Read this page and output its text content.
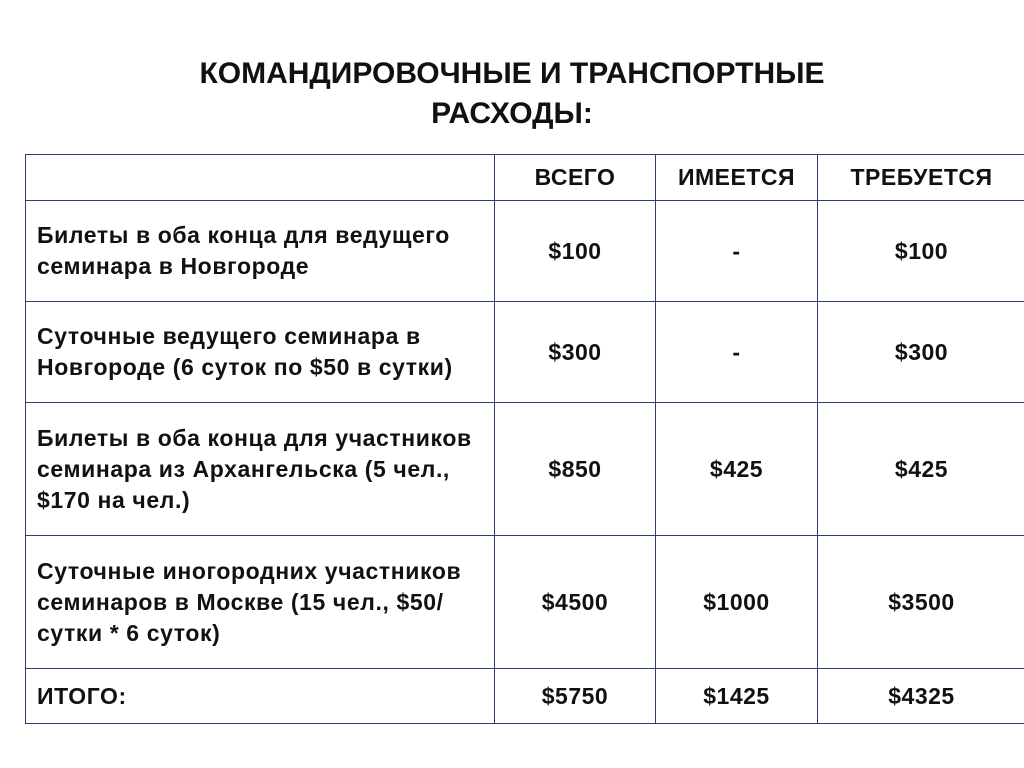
КОМАНДИРОВОЧНЫЕ И ТРАНСПОРТНЫЕ
РАСХОДЫ:
	ВСЕГО	ИМЕЕТСЯ	ТРЕБУЕТСЯ
Билеты в оба конца для ведущего семинара в Новгороде	$100	-	$100
Суточные ведущего семинара в Новгороде (6 суток по $50 в сутки)	$300	-	$300
Билеты в оба конца для участников семинара из Архангельска (5 чел., $170 на чел.)	$850	$425	$425
Суточные иногородних участников семинаров в Москве (15 чел., $50/сутки * 6 суток)	$4500	$1000	$3500
ИТОГО:	$5750	$1425	$4325
